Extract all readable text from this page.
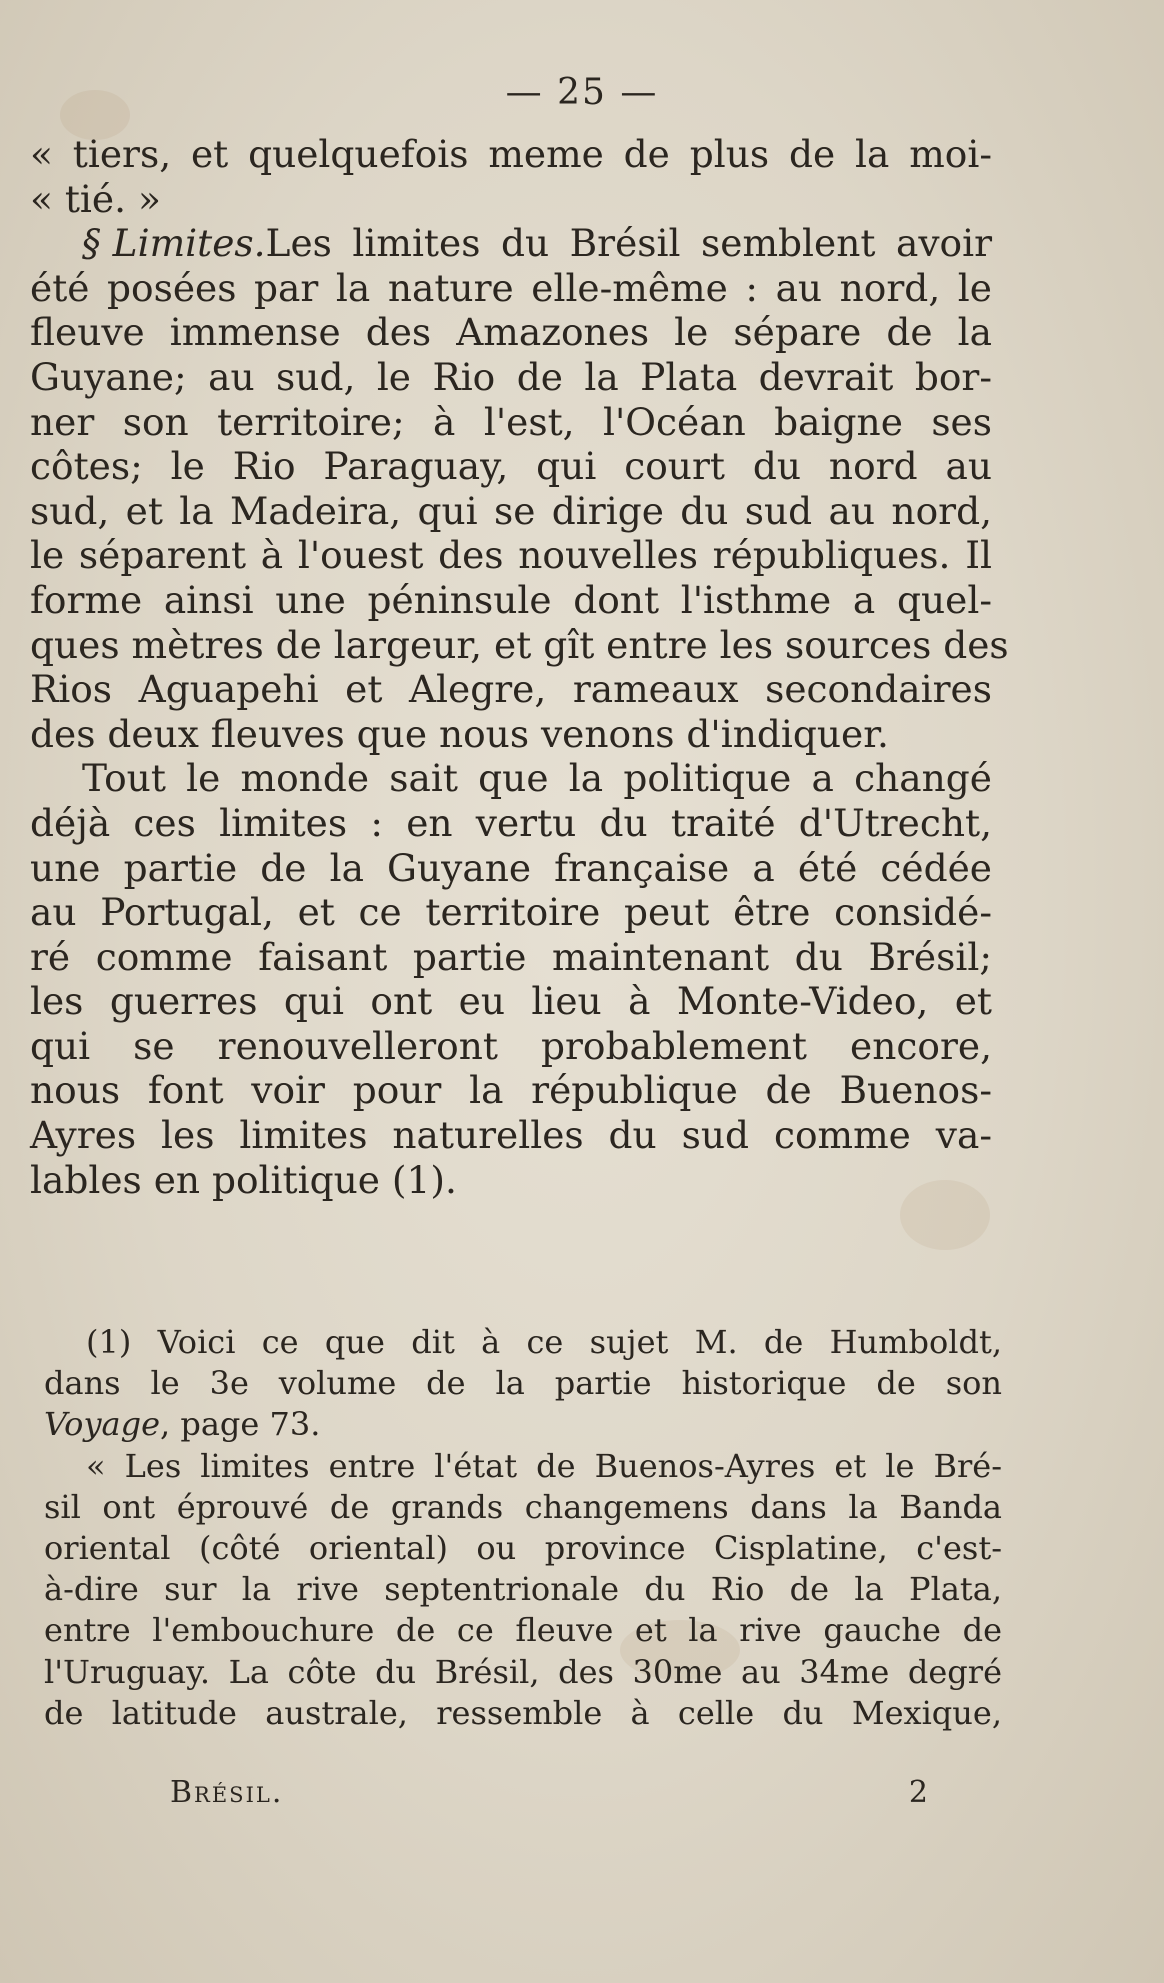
— 25 —
« tiers, et quelquefois meme de plus de la moi-
« tié. »
§ Limites. Les limites du Brésil semblent avoir
été posées par la nature elle-même : au nord, le
fleuve immense des Amazones le sépare de la
Guyane; au sud, le Rio de la Plata devrait bor-
ner son territoire; à l'est, l'Océan baigne ses
côtes; le Rio Paraguay, qui court du nord au
sud, et la Madeira, qui se dirige du sud au nord,
le séparent à l'ouest des nouvelles républiques. Il
forme ainsi une péninsule dont l'isthme a quel-
ques mètres de largeur, et gît entre les sources des
Rios Aguapehi et Alegre, rameaux secondaires
des deux fleuves que nous venons d'indiquer.
Tout le monde sait que la politique a changé
déjà ces limites : en vertu du traité d'Utrecht,
une partie de la Guyane française a été cédée
au Portugal, et ce territoire peut être considé-
ré comme faisant partie maintenant du Brésil;
les guerres qui ont eu lieu à Monte-Video, et
qui se renouvelleront probablement encore,
nous font voir pour la république de Buenos-
Ayres les limites naturelles du sud comme va-
lables en politique (1).
(1) Voici ce que dit à ce sujet M. de Humboldt,
dans le 3e volume de la partie historique de son
Voyage , page 73.
« Les limites entre l'état de Buenos-Ayres et le Bré-
sil ont éprouvé de grands changemens dans la Banda
oriental (côté oriental) ou province Cisplatine, c'est-
à-dire sur la rive septentrionale du Rio de la Plata,
entre l'embouchure de ce fleuve et la rive gauche de
l'Uruguay. La côte du Brésil, des 30me au 34me degré
de latitude australe, ressemble à celle du Mexique,
Brésil.	2
